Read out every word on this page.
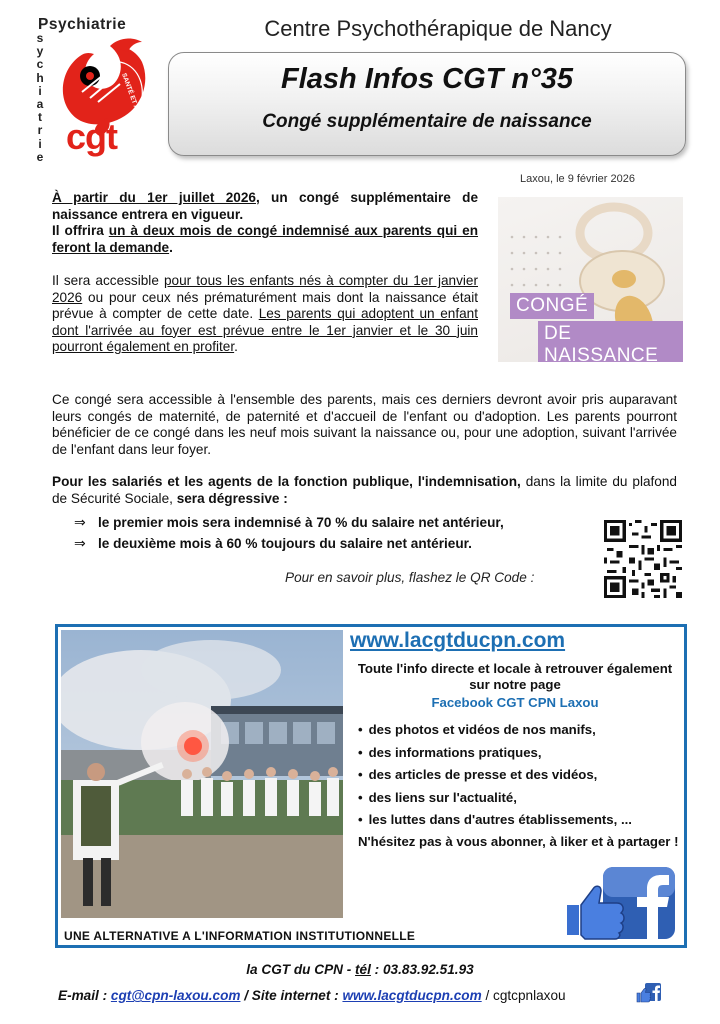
Psychiatrie
s
y
c
h
i
a
t
r
i
e	SANTÉ ET ACTION SOCIALE
cgt
Centre Psychothérapique de Nancy
Flash Infos CGT n°35
Congé supplémentaire de naissance
Laxou, le 9 février 2026

À partir du 1er juillet 2026, un congé supplémentaire de naissance entrera en vigueur.

Il offrira un à deux mois de congé indemnisé aux parents qui en feront la demande.

Il sera accessible pour tous les enfants nés à compter du 1er janvier 2026 ou pour ceux nés prématurément mais dont la naissance était prévue à compter de cette date. Les parents qui adoptent un enfant dont l'arrivée au foyer est prévue entre le 1er janvier et le 30 juin pourront également en profiter.

CONGÉ
DE NAISSANCE
Ce congé sera accessible à l'ensemble des parents, mais ces derniers devront avoir pris auparavant leurs congés de maternité, de paternité et d'accueil de l'enfant ou d'adoption. Les parents pourront bénéficier de ce congé dans les neuf mois suivant la naissance ou, pour une adoption, suivant l'arrivée de l'enfant dans leur foyer.
Pour les salariés et les agents de la fonction publique, l'indemnisation, dans la limite du plafond de Sécurité Sociale, sera dégressive :
⇒ le premier mois sera indemnisé à 70 % du salaire net antérieur,
⇒ le deuxième mois à 60 % toujours du salaire net antérieur.
Pour en savoir plus, flashez le QR Code :
www.lacgtducpn.com
Toute l'info directe et locale à retrouver également sur notre page
Facebook CGT CPN Laxou
• des photos et vidéos de nos manifs,
• des informations pratiques,
• des articles de presse et des vidéos,
• des liens sur l'actualité,
• les luttes dans d'autres établissements, ...
N'hésitez pas à vous abonner, à liker et à partager !
UNE ALTERNATIVE A L'INFORMATION INSTITUTIONNELLE
la CGT du CPN - tél : 03.83.92.51.93
E-mail : cgt@cpn-laxou.com / Site internet : www.lacgtducpn.com / cgtcpnlaxou
